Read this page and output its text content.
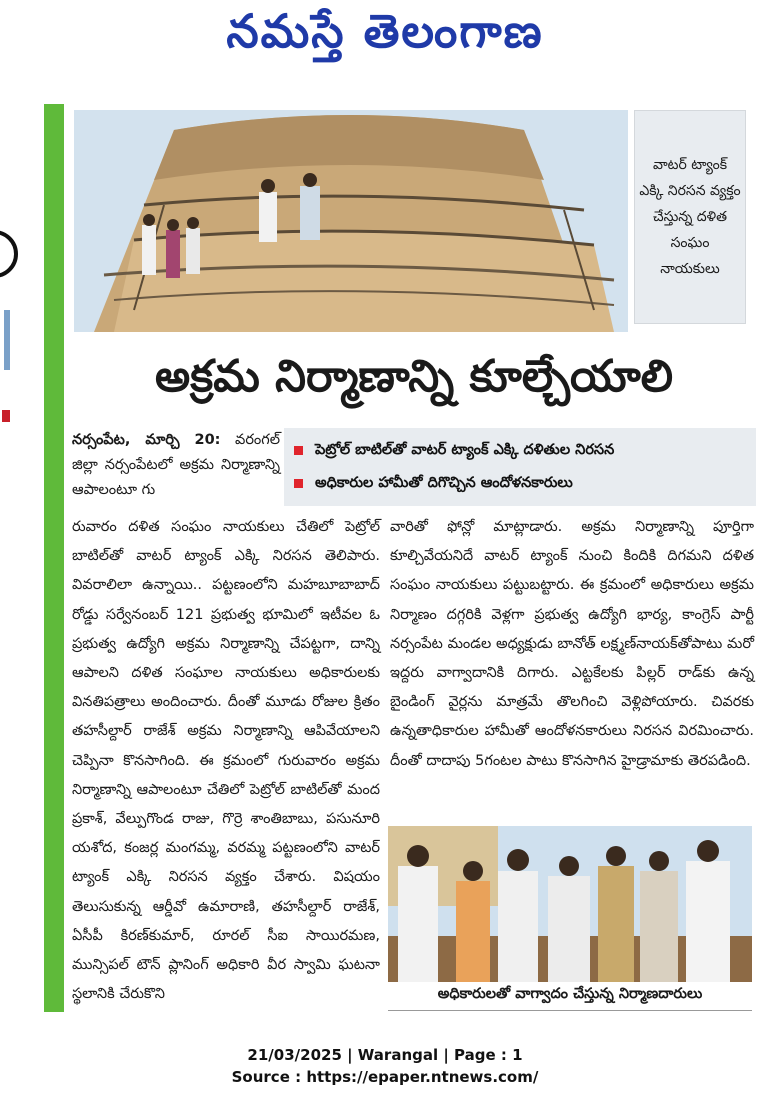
నమస్తే తెలంగాణ
వాటర్ ట్యాంక్ ఎక్కి నిరసన వ్యక్తం చేస్తున్న దళిత సంఘం నాయకులు
అక్రమ నిర్మాణాన్ని కూల్చేయాలి
నర్సంపేట, మార్చి 20: వరంగల్ జిల్లా నర్సంపేటలో అక్రమ నిర్మాణాన్ని ఆపాలంటూ గు
పెట్రోల్ బాటిల్‌తో వాటర్ ట్యాంక్ ఎక్కి దళితుల నిరసన
అధికారుల హామీతో దిగొచ్చిన ఆందోళనకారులు

రువారం దళిత సంఘం నాయకులు చేతిలో పెట్రోల్ బాటిల్‌తో వాటర్ ట్యాంక్ ఎక్కి నిరసన తెలిపారు. వివరాలిలా ఉన్నాయి.. పట్టణంలోని మహబూబాబాద్ రోడ్డు సర్వేనంబర్ 121 ప్రభుత్వ భూమిలో ఇటీవల ఓ ప్రభుత్వ ఉద్యోగి అక్రమ నిర్మాణాన్ని చేపట్టగా, దాన్ని ఆపాలని దళిత సంఘాల నాయకులు అధికారులకు వినతిపత్రాలు అందించారు. దీంతో మూడు రోజుల క్రితం తహసీల్దార్ రాజేశ్ అక్రమ నిర్మాణాన్ని ఆపివేయాలని చెప్పినా కొనసాగింది. ఈ క్రమంలో గురువారం అక్రమ నిర్మాణాన్ని ఆపాలంటూ చేతిలో పెట్రోల్ బాటిల్‌తో మంద ప్రకాశ్, వేల్పుగొండ రాజు, గొర్రె శాంతిబాబు, పసునూరి యశోద, కంజర్ల మంగమ్మ, వరమ్మ పట్టణంలోని వాటర్ ట్యాంక్ ఎక్కి నిరసన వ్యక్తం చేశారు. విషయం తెలుసుకున్న ఆర్డీవో ఉమారాణి, తహసీల్దార్ రాజేశ్, ఏసీపీ కిరణ్‌కుమార్, రూరల్ సీఐ సాయిరమణ, మున్సిపల్ టౌన్ ప్లానింగ్ అధికారి వీర స్వామి ఘటనా స్థలానికి చేరుకొని

వారితో ఫోన్లో మాట్లాడారు. అక్రమ నిర్మాణాన్ని పూర్తిగా కూల్చివేయనిదే వాటర్ ట్యాంక్ నుంచి కిందికి దిగమని దళిత సంఘం నాయకులు పట్టుబట్టారు. ఈ క్రమంలో అధికారులు అక్రమ నిర్మాణం దగ్గరికి వెళ్లగా ప్రభుత్వ ఉద్యోగి భార్య, కాంగ్రెస్ పార్టీ నర్సంపేట మండల అధ్యక్షుడు బానోత్ లక్ష్మణ్‌నాయక్‌తోపాటు మరో ఇద్దరు వాగ్వాదానికి దిగారు. ఎట్టకేలకు పిల్లర్ రాడ్‌కు ఉన్న బైండింగ్ వైర్లను మాత్రమే తొలగించి వెళ్లిపోయారు. చివరకు ఉన్నతాధికారుల హామీతో ఆందోళనకారులు నిరసన విరమించారు. దీంతో దాదాపు 5గంటల పాటు కొనసాగిన హైడ్రామాకు తెరపడింది.

అధికారులతో వాగ్వాదం చేస్తున్న నిర్మాణదారులు
21/03/2025 | Warangal | Page : 1
Source : https://epaper.ntnews.com/
